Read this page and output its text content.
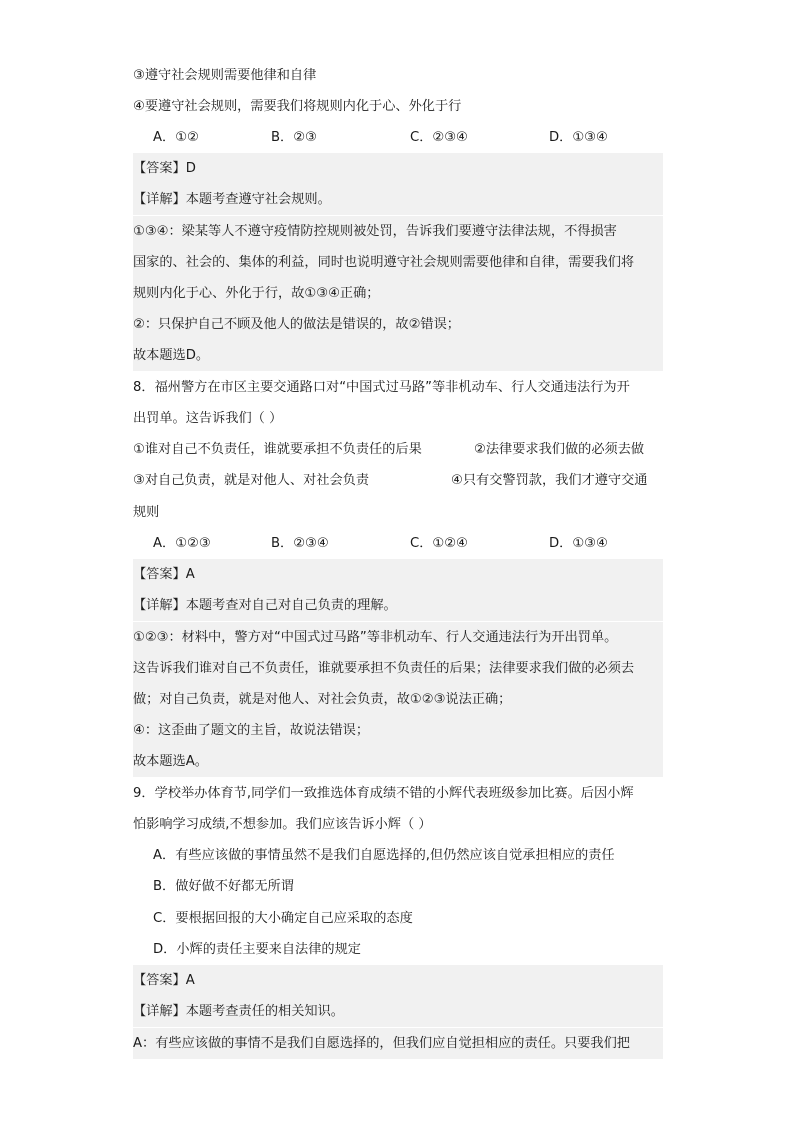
③遵守社会规则需要他律和自律
④要遵守社会规则，需要我们将规则内化于心、外化于行
A．①②	B．②③	C．②③④	D．①③④
【答案】D
【详解】本题考查遵守社会规则。
①③④：梁某等人不遵守疫情防控规则被处罚，告诉我们要遵守法律法规，不得损害
国家的、社会的、集体的利益，同时也说明遵守社会规则需要他律和自律，需要我们将
规则内化于心、外化于行，故①③④正确；
②：只保护自己不顾及他人的做法是错误的，故②错误；
故本题选D。
8．福州警方在市区主要交通路口对“中国式过马路”等非机动车、行人交通违法行为开
出罚单。这告诉我们（ ）
①谁对自己不负责任，谁就要承担不负责任的后果	②法律要求我们做的必须去做
③对自己负责，就是对他人、对社会负责	④只有交警罚款，我们才遵守交通
规则
A．①②③	B．②③④	C．①②④	D．①③④
【答案】A
【详解】本题考查对自己对自己负责的理解。
①②③：材料中，警方对“中国式过马路”等非机动车、行人交通违法行为开出罚单。
这告诉我们谁对自己不负责任，谁就要承担不负责任的后果；法律要求我们做的必须去
做；对自己负责，就是对他人、对社会负责，故①②③说法正确；
④：这歪曲了题文的主旨，故说法错误；
故本题选A。
9．学校举办体育节,同学们一致推选体育成绩不错的小辉代表班级参加比赛。后因小辉
怕影响学习成绩,不想参加。我们应该告诉小辉（ ）
A．有些应该做的事情虽然不是我们自愿选择的,但仍然应该自觉承担相应的责任
B．做好做不好都无所谓
C．要根据回报的大小确定自己应采取的态度
D．小辉的责任主要来自法律的规定
【答案】A
【详解】本题考查责任的相关知识。
A：有些应该做的事情不是我们自愿选择的，但我们应自觉担相应的责任。只要我们把
